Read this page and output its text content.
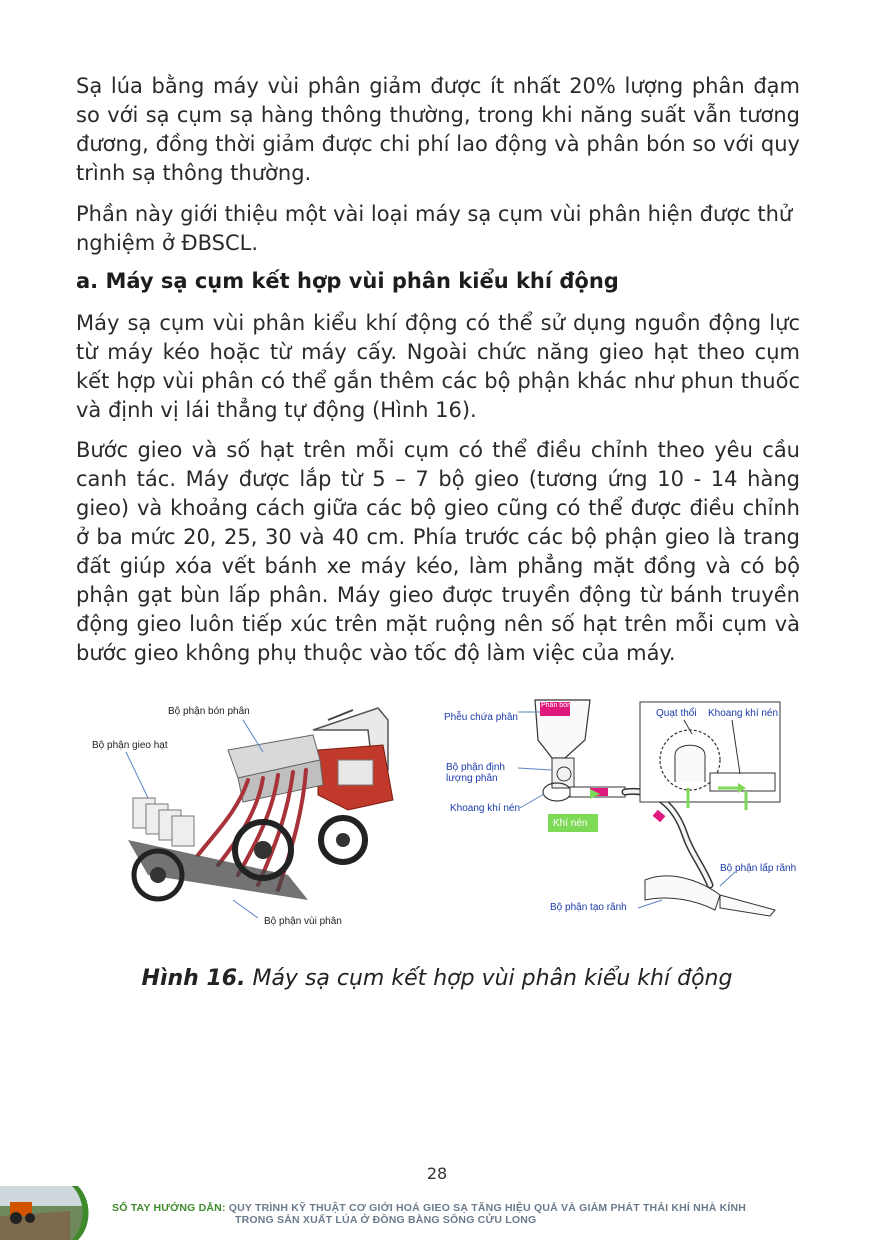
Sạ lúa bằng máy vùi phân giảm được ít nhất 20% lượng phân đạm so với sạ cụm sạ hàng thông thường, trong khi năng suất vẫn tương đương, đồng thời giảm được chi phí lao động và phân bón so với quy trình sạ thông thường.

Phần này giới thiệu một vài loại máy sạ cụm vùi phân hiện được thử nghiệm ở ĐBSCL.

a. Máy sạ cụm kết hợp vùi phân kiểu khí động

Máy sạ cụm vùi phân kiểu khí động có thể sử dụng nguồn động lực từ máy kéo hoặc từ máy cấy. Ngoài chức năng gieo hạt theo cụm kết hợp vùi phân có thể gắn thêm các bộ phận khác như phun thuốc và định vị lái thẳng tự động (Hình 16).

Bước gieo và số hạt trên mỗi cụm có thể điều chỉnh theo yêu cầu canh tác. Máy được lắp từ 5 – 7 bộ gieo (tương ứng 10 - 14 hàng gieo) và khoảng cách giữa các bộ gieo cũng có thể được điều chỉnh ở ba mức 20, 25, 30 và 40 cm. Phía trước các bộ phận gieo là trang đất giúp xóa vết bánh xe máy kéo, làm phẳng mặt đồng và có bộ phận gạt bùn lấp phân. Máy gieo được truyền động từ bánh truyền động gieo luôn tiếp xúc trên mặt ruộng nên số hạt trên mỗi cụm và bước gieo không phụ thuộc vào tốc độ làm việc của máy.

Bộ phận bón phân
Bộ phận gieo hạt
Bộ phận vùi phân
Phễu chứa phân
Phân bón
Bộ phận định
lượng phân
Khoang khí nén
Khí nén
Quạt thổi Khoang khí nén
Bộ phận lấp rãnh
Bộ phận tạo rãnh
Hình 16. Máy sạ cụm kết hợp vùi phân kiểu khí động
28
SỔ TAY HƯỚNG DẪN: QUY TRÌNH KỸ THUẬT CƠ GIỚI HOÁ GIEO SẠ TĂNG HIỆU QUẢ VÀ GIẢM PHÁT THẢI KHÍ NHÀ KÍNH
TRONG SẢN XUẤT LÚA Ở ĐỒNG BẰNG SÔNG CỬU LONG
